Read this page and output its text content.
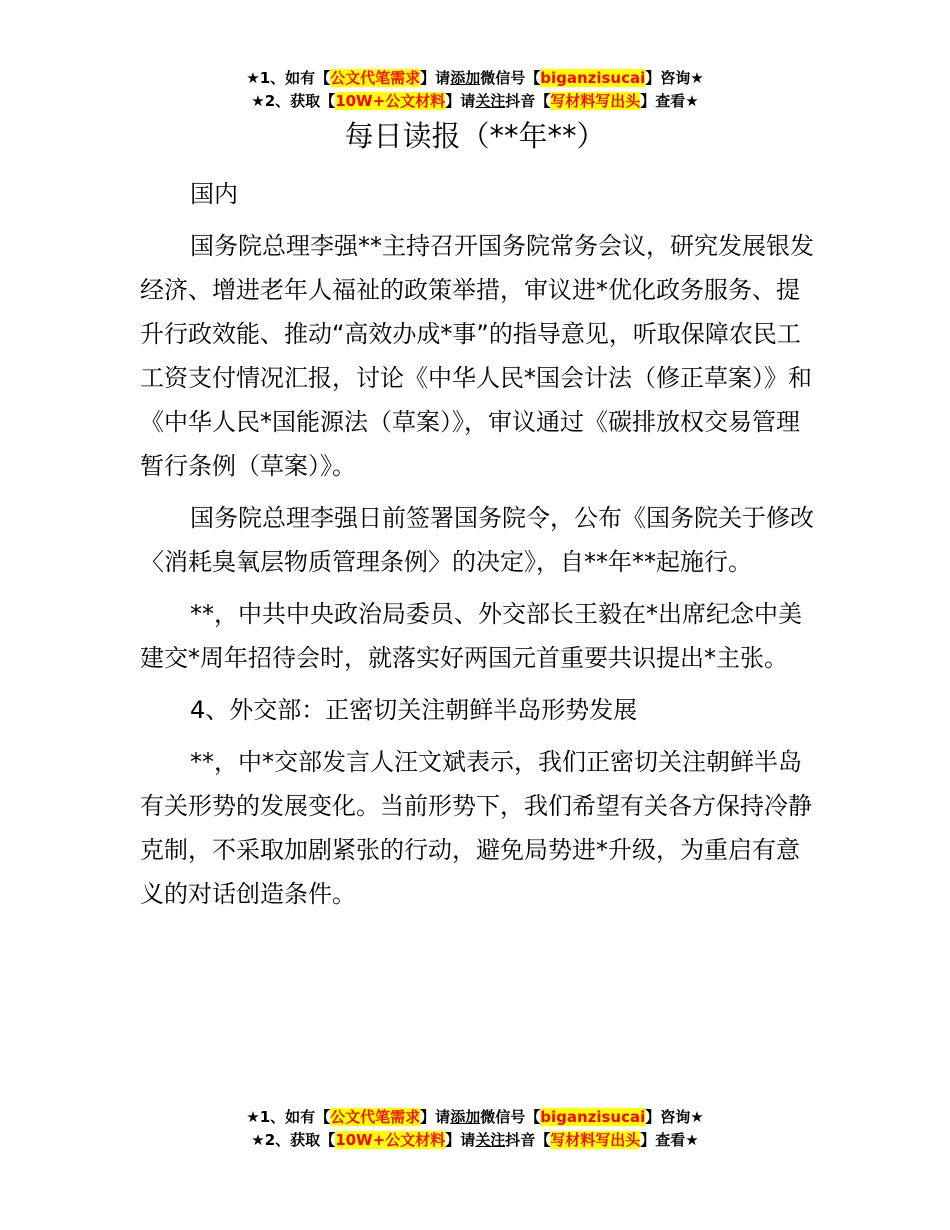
★1、如有【公文代笔需求】请添加微信号【biganzisucai】咨询★
★2、获取【10W+公文材料】请关注抖音【写材料写出头】查看★
每日读报（**年**）

国内

国务院总理李强**主持召开国务院常务会议，研究发展银发经济、增进老年人福祉的政策举措，审议进*优化政务服务、提升行政效能、推动“高效办成*事”的指导意见，听取保障农民工工资支付情况汇报，讨论《中华人民*国会计法（修正草案）》和《中华人民*国能源法（草案）》，审议通过《碳排放权交易管理暂行条例（草案）》。

国务院总理李强日前签署国务院令，公布《国务院关于修改〈消耗臭氧层物质管理条例〉的决定》，自**年**起施行。

**，中共中央政治局委员、外交部长王毅在*出席纪念中美建交*周年招待会时，就落实好两国元首重要共识提出*主张。

4、外交部：正密切关注朝鲜半岛形势发展

**，中*交部发言人汪文斌表示，我们正密切关注朝鲜半岛有关形势的发展变化。当前形势下，我们希望有关各方保持冷静克制，不采取加剧紧张的行动，避免局势进*升级，为重启有意义的对话创造条件。

★1、如有【公文代笔需求】请添加微信号【biganzisucai】咨询★
★2、获取【10W+公文材料】请关注抖音【写材料写出头】查看★
